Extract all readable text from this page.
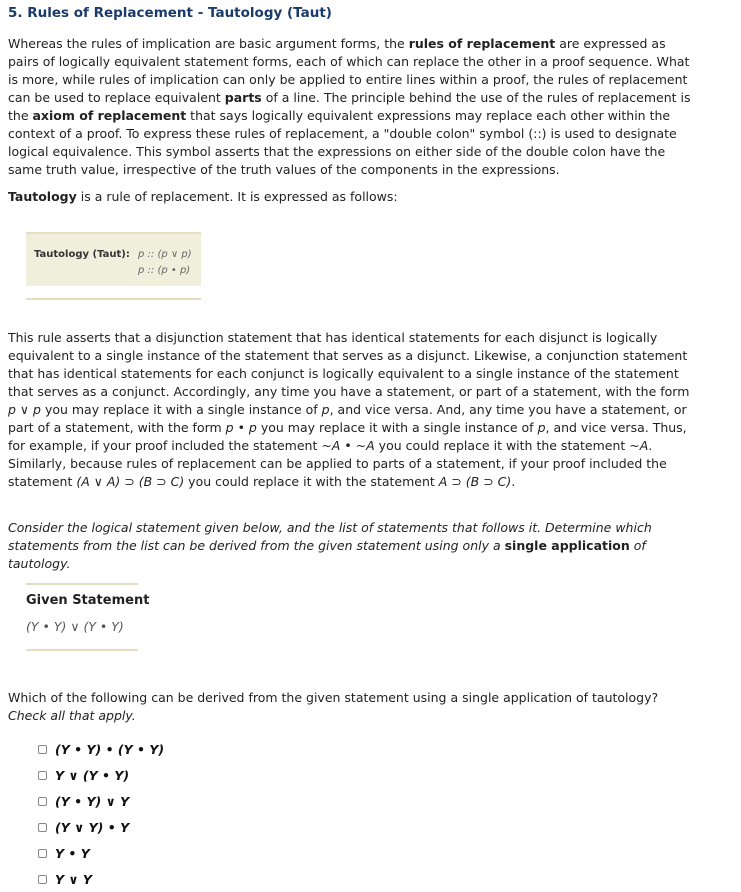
5. Rules of Replacement - Tautology (Taut)

Whereas the rules of implication are basic argument forms, the rules of replacement are expressed as pairs of logically equivalent statement forms, each of which can replace the other in a proof sequence. What is more, while rules of implication can only be applied to entire lines within a proof, the rules of replacement can be used to replace equivalent parts of a line. The principle behind the use of the rules of replacement is the axiom of replacement that says logically equivalent expressions may replace each other within the context of a proof. To express these rules of replacement, a "double colon" symbol (::) is used to designate logical equivalence. This symbol asserts that the expressions on either side of the double colon have the same truth value, irrespective of the truth values of the components in the expressions.

Tautology is a rule of replacement. It is expressed as follows:

Tautology (Taut): p :: (p ∨ p)
p :: (p • p)

This rule asserts that a disjunction statement that has identical statements for each disjunct is logically equivalent to a single instance of the statement that serves as a disjunct. Likewise, a conjunction statement that has identical statements for each conjunct is logically equivalent to a single instance of the statement that serves as a conjunct. Accordingly, any time you have a statement, or part of a statement, with the form p ∨ p you may replace it with a single instance of p, and vice versa. And, any time you have a statement, or part of a statement, with the form p • p you may replace it with a single instance of p, and vice versa. Thus, for example, if your proof included the statement ~A • ~A you could replace it with the statement ~A. Similarly, because rules of replacement can be applied to parts of a statement, if your proof included the statement (A ∨ A) ⊃ (B ⊃ C) you could replace it with the statement A ⊃ (B ⊃ C).

Consider the logical statement given below, and the list of statements that follows it. Determine which statements from the list can be derived from the given statement using only a single application of tautology.

Given Statement
(Y • Y) ∨ (Y • Y)

Which of the following can be derived from the given statement using a single application of tautology? Check all that apply.

(Y • Y) • (Y • Y)
Y ∨ (Y • Y)
(Y • Y) ∨ Y
(Y ∨ Y) • Y
Y • Y
Y ∨ Y
